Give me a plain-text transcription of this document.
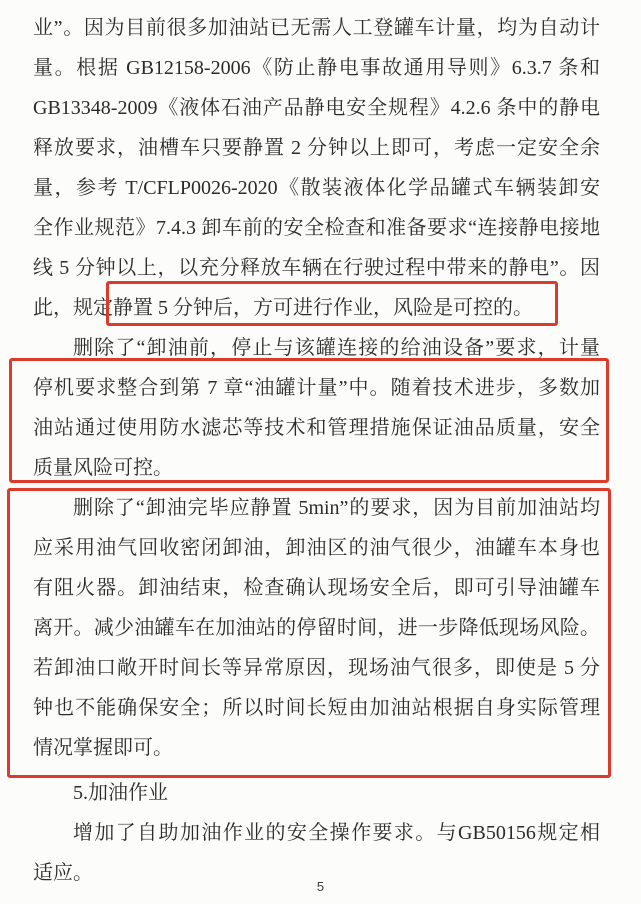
业”。因为目前很多加油站已无需人工登罐车计量，均为自动计
量。根据 GB12158-2006《防止静电事故通用导则》6.3.7 条和
GB13348-2009《液体石油产品静电安全规程》4.2.6 条中的静电
释放要求，油槽车只要静置 2 分钟以上即可，考虑一定安全余
量，参考 T/CFLP0026-2020《散装液体化学品罐式车辆装卸安
全作业规范》7.4.3 卸车前的安全检查和准备要求“连接静电接地
线 5 分钟以上，以充分释放车辆在行驶过程中带来的静电”。因
此，规定静置 5 分钟后，方可进行作业，风险是可控的。
删除了“卸油前，停止与该罐连接的给油设备”要求，计量
停机要求整合到第 7 章“油罐计量”中。随着技术进步，多数加
油站通过使用防水滤芯等技术和管理措施保证油品质量，安全
质量风险可控。
删除了“卸油完毕应静置 5min”的要求，因为目前加油站均
应采用油气回收密闭卸油，卸油区的油气很少，油罐车本身也
有阻火器。卸油结束，检查确认现场安全后，即可引导油罐车
离开。减少油罐车在加油站的停留时间，进一步降低现场风险。
若卸油口敞开时间长等异常原因，现场油气很多，即使是 5 分
钟也不能确保安全；所以时间长短由加油站根据自身实际管理
情况掌握即可。
5.加油作业
增加了自助加油作业的安全操作要求。与GB50156规定相
适应。
5
